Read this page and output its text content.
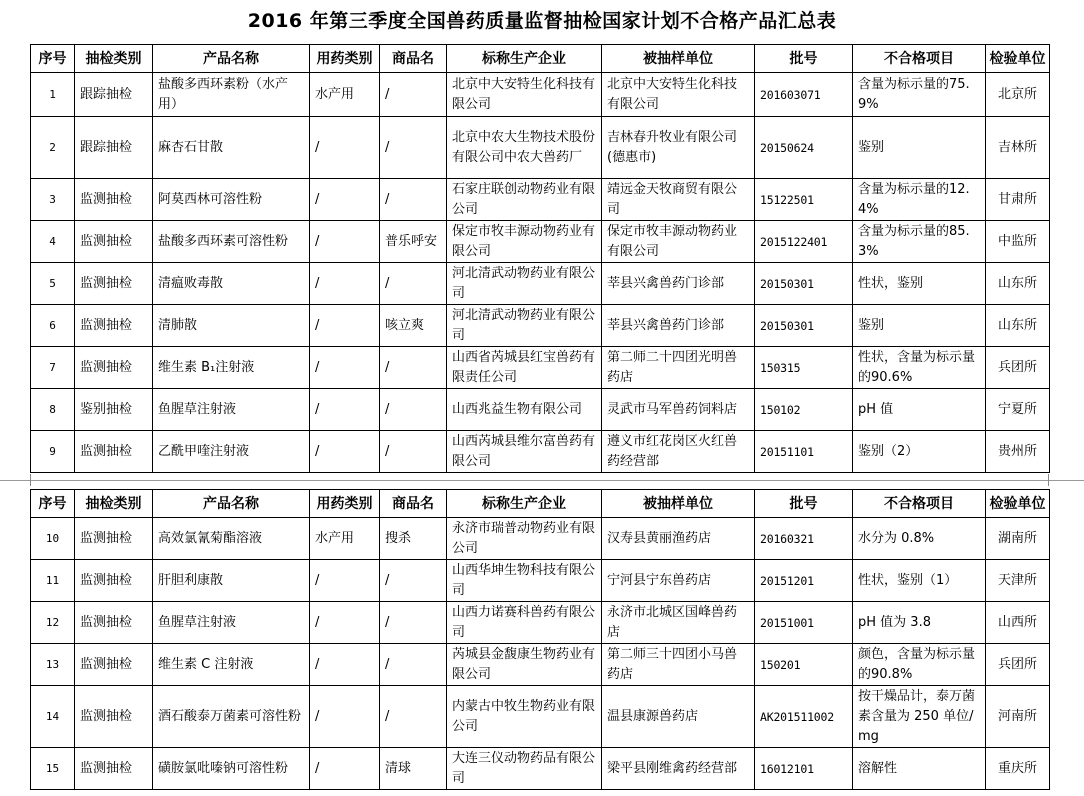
2016 年第三季度全国兽药质量监督抽检国家计划不合格产品汇总表
序号	抽检类别	产品名称	用药类别	商品名	标称生产企业	被抽样单位	批号	不合格项目	检验单位
1	跟踪抽检	盐酸多西环素粉（水产用）	水产用	/	北京中大安特生化科技有限公司	北京中大安特生化科技有限公司	201603071	含量为标示量的75.9%	北京所
2	跟踪抽检	麻杏石甘散	/	/	北京中农大生物技术股份有限公司中农大兽药厂	吉林春升牧业有限公司(德惠市)	20150624	鉴别	吉林所
3	监测抽检	阿莫西林可溶性粉	/	/	石家庄联创动物药业有限公司	靖远金天牧商贸有限公司	15122501	含量为标示量的12.4%	甘肃所
4	监测抽检	盐酸多西环素可溶性粉	/	普乐呼安	保定市牧丰源动物药业有限公司	保定市牧丰源动物药业有限公司	2015122401	含量为标示量的85.3%	中监所
5	监测抽检	清瘟败毒散	/	/	河北清武动物药业有限公司	莘县兴禽兽药门诊部	20150301	性状，鉴别	山东所
6	监测抽检	清肺散	/	咳立爽	河北清武动物药业有限公司	莘县兴禽兽药门诊部	20150301	鉴别	山东所
7	监测抽检	维生素 B₁注射液	/	/	山西省芮城县红宝兽药有限责任公司	第二师二十四团光明兽药店	150315	性状，含量为标示量的90.6%	兵团所
8	鉴别抽检	鱼腥草注射液	/	/	山西兆益生物有限公司	灵武市马军兽药饲料店	150102	pH 值	宁夏所
9	监测抽检	乙酰甲喹注射液	/	/	山西芮城县维尔富兽药有限公司	遵义市红花岗区火红兽药经营部	20151101	鉴别（2）	贵州所
序号	抽检类别	产品名称	用药类别	商品名	标称生产企业	被抽样单位	批号	不合格项目	检验单位
10	监测抽检	高效氯氰菊酯溶液	水产用	搜杀	永济市瑞普动物药业有限公司	汉寿县黄丽渔药店	20160321	水分为 0.8%	湖南所
11	监测抽检	肝胆利康散	/	/	山西华坤生物科技有限公司	宁河县宁东兽药店	20151201	性状，鉴别（1）	天津所
12	监测抽检	鱼腥草注射液	/	/	山西力诺赛科兽药有限公司	永济市北城区国峰兽药店	20151001	pH 值为 3.8	山西所
13	监测抽检	维生素 C 注射液	/	/	芮城县金馥康生物药业有限公司	第二师三十四团小马兽药店	150201	颜色，含量为标示量的90.8%	兵团所
14	监测抽检	酒石酸泰万菌素可溶性粉	/	/	内蒙古中牧生物药业有限公司	温县康源兽药店	AK201511002	按干燥品计，泰万菌素含量为 250 单位/mg	河南所
15	监测抽检	磺胺氯吡嗪钠可溶性粉	/	清球	大连三仪动物药品有限公司	梁平县刚维禽药经营部	16012101	溶解性	重庆所
